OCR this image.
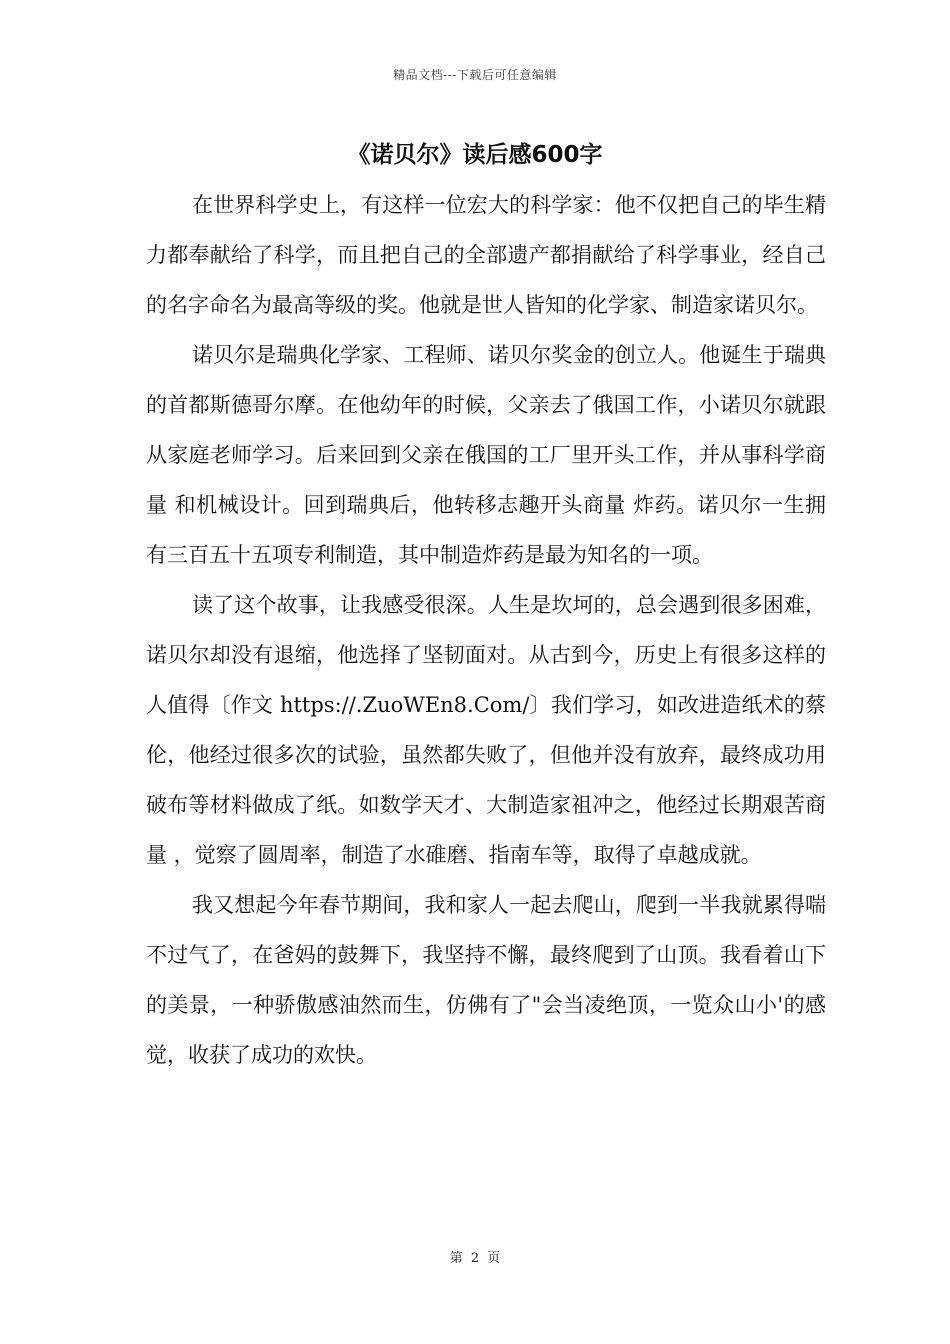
精品文档---下载后可任意编辑
《诺贝尔》读后感600字

在世界科学史上，有这样一位宏大的科学家：他不仅把自己的毕生精力都奉献给了科学，而且把自己的全部遗产都捐献给了科学事业，经自己的名字命名为最高等级的奖。他就是世人皆知的化学家、制造家诺贝尔。

诺贝尔是瑞典化学家、工程师、诺贝尔奖金的创立人。他诞生于瑞典的首都斯德哥尔摩。在他幼年的时候，父亲去了俄国工作，小诺贝尔就跟从家庭老师学习。后来回到父亲在俄国的工厂里开头工作，并从事科学商量 和机械设计。回到瑞典后，他转移志趣开头商量 炸药。诺贝尔一生拥有三百五十五项专利制造，其中制造炸药是最为知名的一项。

读了这个故事，让我感受很深。人生是坎坷的，总会遇到很多困难，诺贝尔却没有退缩，他选择了坚韧面对。从古到今，历史上有很多这样的人值得〔作文 https://.ZuoWEn8.Com/〕我们学习，如改进造纸术的蔡伦，他经过很多次的试验，虽然都失败了，但他并没有放弃，最终成功用破布等材料做成了纸。如数学天才、大制造家祖冲之，他经过长期艰苦商量 ，觉察了圆周率，制造了水碓磨、指南车等，取得了卓越成就。

我又想起今年春节期间，我和家人一起去爬山，爬到一半我就累得喘不过气了，在爸妈的鼓舞下，我坚持不懈，最终爬到了山顶。我看着山下的美景，一种骄傲感油然而生，仿佛有了"会当凌绝顶，一览众山小'的感觉，收获了成功的欢快。

第 2 页
